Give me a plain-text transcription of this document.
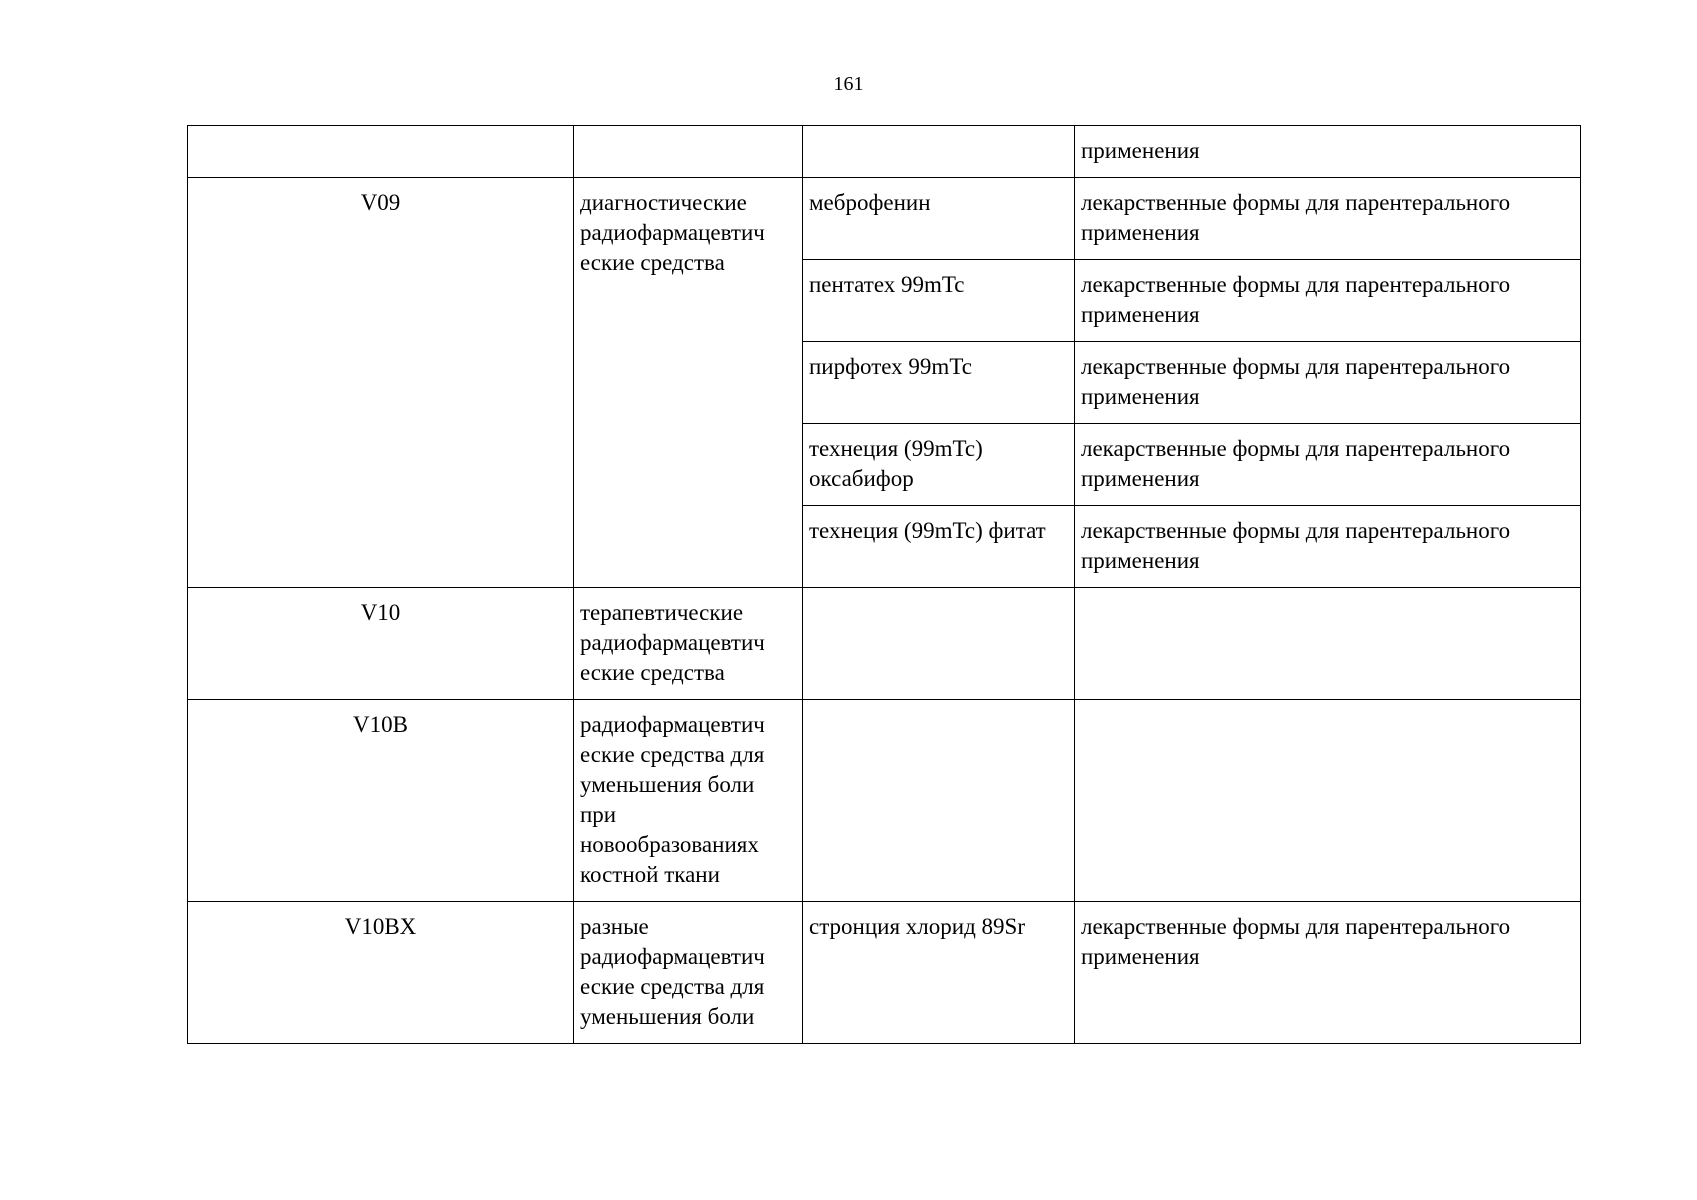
161
			применения
V09	диагностические радиофармацевтич еские средства	меброфенин	лекарственные формы для парентерального применения
		пентатех 99mTc	лекарственные формы для парентерального применения
		пирфотех 99mTc	лекарственные формы для парентерального применения
		технеция (99mTc) оксабифор	лекарственные формы для парентерального применения
		технеция (99mTc) фитат	лекарственные формы для парентерального применения
V10	терапевтические радиофармацевтич еские средства		
V10B	радиофармацевтич еские средства для уменьшения боли при новообразованиях костной ткани		
V10BX	разные радиофармацевтич еские средства для уменьшения боли	стронция хлорид 89Sr	лекарственные формы для парентерального применения
